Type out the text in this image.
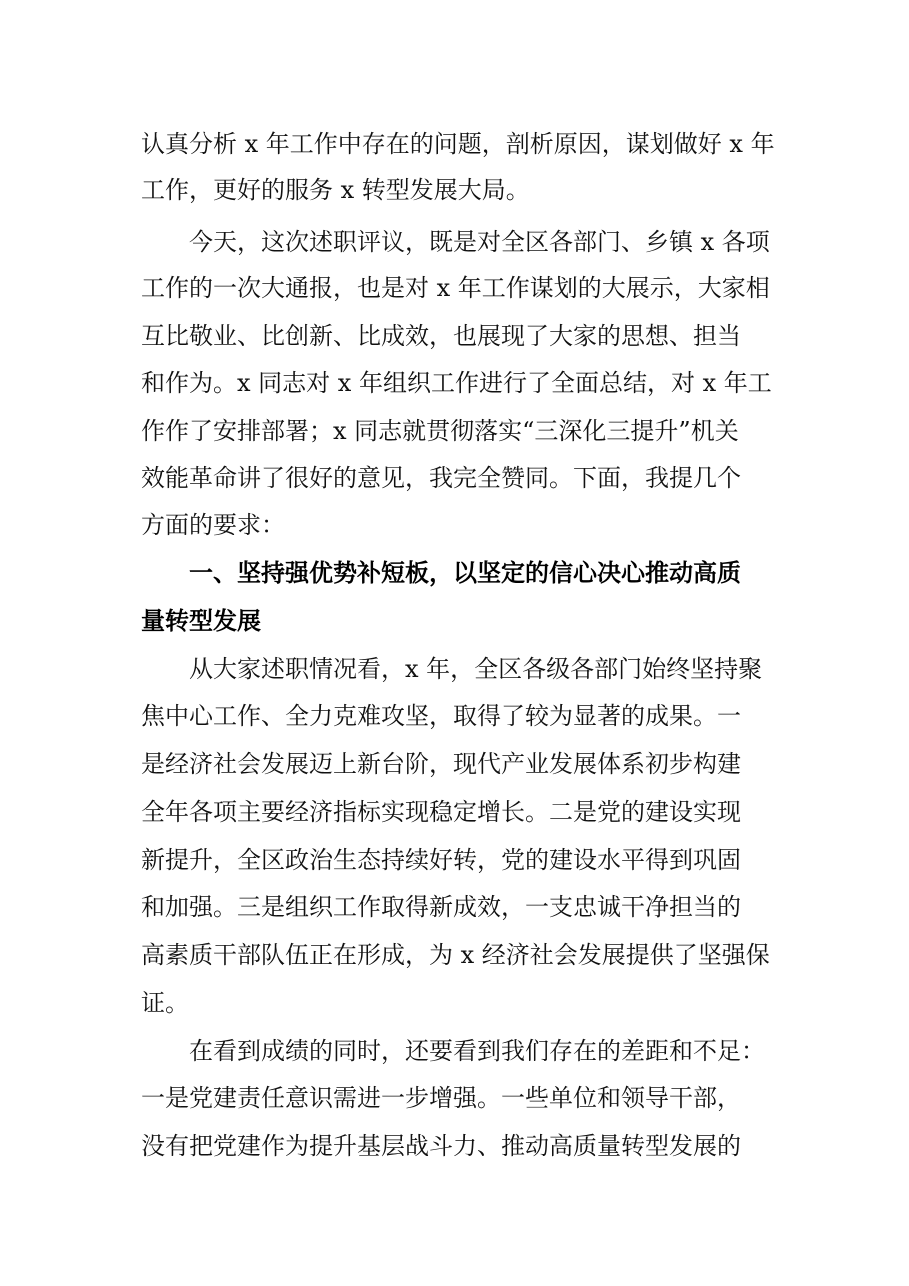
认真分析 x 年工作中存在的问题，剖析原因，谋划做好 x 年
工作，更好的服务 x 转型发展大局。
今天，这次述职评议，既是对全区各部门、乡镇 x 各项
工作的一次大通报，也是对 x 年工作谋划的大展示，大家相
互比敬业、比创新、比成效，也展现了大家的思想、担当
和作为。x 同志对 x 年组织工作进行了全面总结，对 x 年工
作作了安排部署；x 同志就贯彻落实“三深化三提升”机关
效能革命讲了很好的意见，我完全赞同。下面，我提几个
方面的要求：
一、坚持强优势补短板，以坚定的信心决心推动高质
量转型发展
从大家述职情况看，x 年，全区各级各部门始终坚持聚
焦中心工作、全力克难攻坚，取得了较为显著的成果。一
是经济社会发展迈上新台阶，现代产业发展体系初步构建
全年各项主要经济指标实现稳定增长。二是党的建设实现
新提升，全区政治生态持续好转，党的建设水平得到巩固
和加强。三是组织工作取得新成效，一支忠诚干净担当的
高素质干部队伍正在形成，为 x 经济社会发展提供了坚强保
证。
在看到成绩的同时，还要看到我们存在的差距和不足：
一是党建责任意识需进一步增强。一些单位和领导干部，
没有把党建作为提升基层战斗力、推动高质量转型发展的
